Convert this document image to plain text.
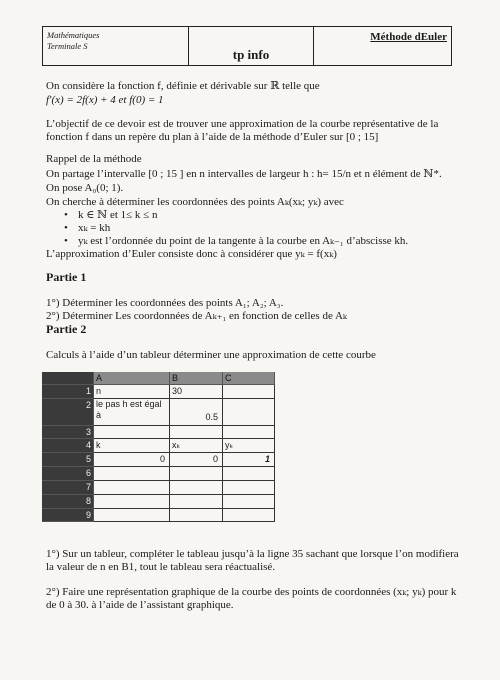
Mathématiques
Terminale S
tp info
Méthode dEuler
On considère la fonction f, définie et dérivable sur ℝ telle que
f′(x) = 2f(x) + 4 et f(0) = 1
L’objectif de ce devoir est de trouver une approximation de la courbe représentative de la
fonction f dans un repère du plan à l’aide de la méthode d’Euler sur [0 ; 15]
Rappel de la méthode
On partage l’intervalle [0 ; 15 ] en n intervalles de largeur h : h= 15/n et n élément de ℕ*.
On pose A₀(0; 1).
On cherche à déterminer les coordonnées des points Aₖ(xₖ; yₖ) avec
• k ∈ ℕ et 1≤ k ≤ n
• xₖ = kh
• yₖ est l’ordonnée du point de la tangente à la courbe en Aₖ₋₁ d’abscisse kh.
L’approximation d’Euler consiste donc à considérer que yₖ = f(xₖ)
Partie 1
1°) Déterminer les coordonnées des points A₁; A₂; A₃.
2°) Déterminer Les coordonnées de Aₖ₊₁ en fonction de celles de Aₖ
Partie 2
Calculs à l’aide d’un tableur déterminer une approximation de cette courbe
A	B	C
1 n	30
2 le pas h est égal à	0.5
3
4 k	xₖ	yₖ
5	0	0	1
6
7
8
9
1°) Sur un tableur, compléter le tableau jusqu’à la ligne 35 sachant que lorsque l’on modifiera
la valeur de n en B1, tout le tableau sera réactualisé.
2°) Faire une représentation graphique de la courbe des points de coordonnées (xₖ; yₖ) pour k
de 0 à 30. à l’aide de l’assistant graphique.
